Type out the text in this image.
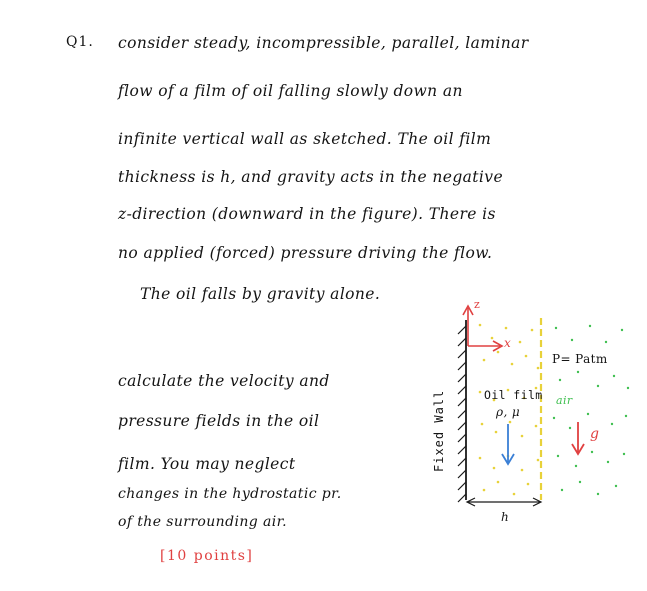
Q1. consider steady, incompressible, parallel, laminar
flow of a film of oil falling slowly down an
infinite vertical wall as sketched. The oil film
thickness is h, and gravity acts in the negative
z-direction (downward in the figure). There is
no applied (forced) pressure driving the flow.
The oil falls by gravity alone.
calculate the velocity and
pressure fields in the oil
film. You may neglect
changes in the hydrostatic pr.
of the surrounding air.
[10 points]
z
x
Fixed Wall	Oil film
ρ, μ
P= Patm
air
g
h
